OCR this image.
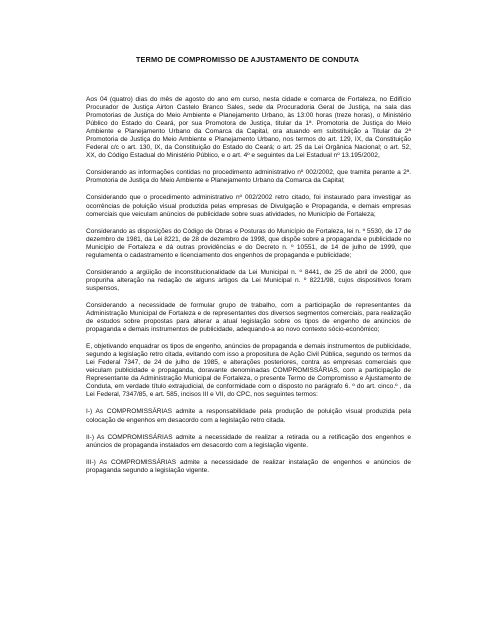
TERMO DE COMPROMISSO DE AJUSTAMENTO DE CONDUTA

Aos 04 (quatro) dias do mês de agosto do ano em curso, nesta cidade e comarca de Fortaleza, no Edifício Procurador de Justiça Airton Castelo Branco Sales, sede da Procuradoria Geral de Justiça, na sala das Promotorias de Justiça do Meio Ambiente e Planejamento Urbano, às 13:00 horas (treze horas), o Ministério Público do Estado do Ceará, por sua Promotora de Justiça, titular da 1ª. Promotoria de Justiça do Meio Ambiente e Planejamento Urbano da Comarca da Capital, ora atuando em substituição a Titular da 2ª Promotoria de Justiça do Meio Ambiente e Planejamento Urbano, nos termos do art. 129, IX, da Constituição Federal c/c o art. 130, IX, da Constituição do Estado do Ceará; o art. 25 da Lei Orgânica Nacional; o art. 52, XX, do Código Estadual do Ministério Público, e o art. 4º e seguintes da Lei Estadual nº 13.195/2002,

Considerando as informações contidas no procedimento administrativo nº 002/2002, que tramita perante a 2ª. Promotoria de Justiça do Meio Ambiente e Planejamento Urbano da Comarca da Capital;

Considerando que o procedimento administrativo nº 002/2002 retro citado, foi instaurado para investigar as ocorrências de poluição visual produzida pelas empresas de Divulgação e Propaganda, e demais empresas comerciais que veiculam anúncios de publicidade sobre suas atividades, no Município de Fortaleza;

Considerando as disposições do Código de Obras e Posturas do Município de Fortaleza, lei n. º 5530, de 17 de dezembro de 1981, da Lei 8221, de 28 de dezembro de 1998, que dispõe sobre a propaganda e publicidade no Município de Fortaleza e dá outras providências e do Decreto n. º 10551, de 14 de julho de 1999, que regulamenta o cadastramento e licenciamento dos engenhos de propaganda e publicidade;

Considerando a argüição de inconstitucionalidade da Lei Municipal n. º 8441, de 25 de abril de 2000, que propunha alteração na redação de alguns artigos da Lei Municipal n. º 8221/98, cujos dispositivos foram suspensos,

Considerando a necessidade de formular grupo de trabalho, com a participação de representantes da Administração Municipal de Fortaleza e de representantes dos diversos segmentos comerciais, para realização de estudos sobre propostas para alterar a atual legislação sobre os tipos de engenho de anúncios de propaganda e demais instrumentos de publicidade, adequando-a ao novo contexto sócio-econômico;

E, objetivando enquadrar os tipos de engenho, anúncios de propaganda e demais instrumentos de publicidade, segundo a legislação retro citada, evitando com isso a propositura de Ação Civil Pública, segundo os termos da Lei Federal 7347, de 24 de julho de 1985, e alterações posteriores, contra as empresas comerciais que veiculam publicidade e propaganda, doravante denominadas COMPROMISSÁRIAS, com a participação de Representante da Administração Municipal de Fortaleza, o presente Termo de Compromisso e Ajustamento de Conduta, em verdade título extrajudicial, de conformidade com o disposto no parágrafo 6. º do art. cinco.º , da Lei Federal, 7347/85, e art. 585, incisos III e VII, do CPC, nos seguintes termos:

I-) As COMPROMISSÁRIAS admite a responsabilidade pela produção de poluição visual produzida pela colocação de engenhos em desacordo com a legislação retro citada.

II-) As COMPROMISSÁRIAS admite a necessidade de realizar a retirada ou a retificação dos engenhos e anúncios de propaganda instalados em desacordo com a legislação vigente.

III-) As COMPROMISSÁRIAS admite a necessidade de realizar instalação de engenhos e anúncios de propaganda segundo a legislação vigente.
